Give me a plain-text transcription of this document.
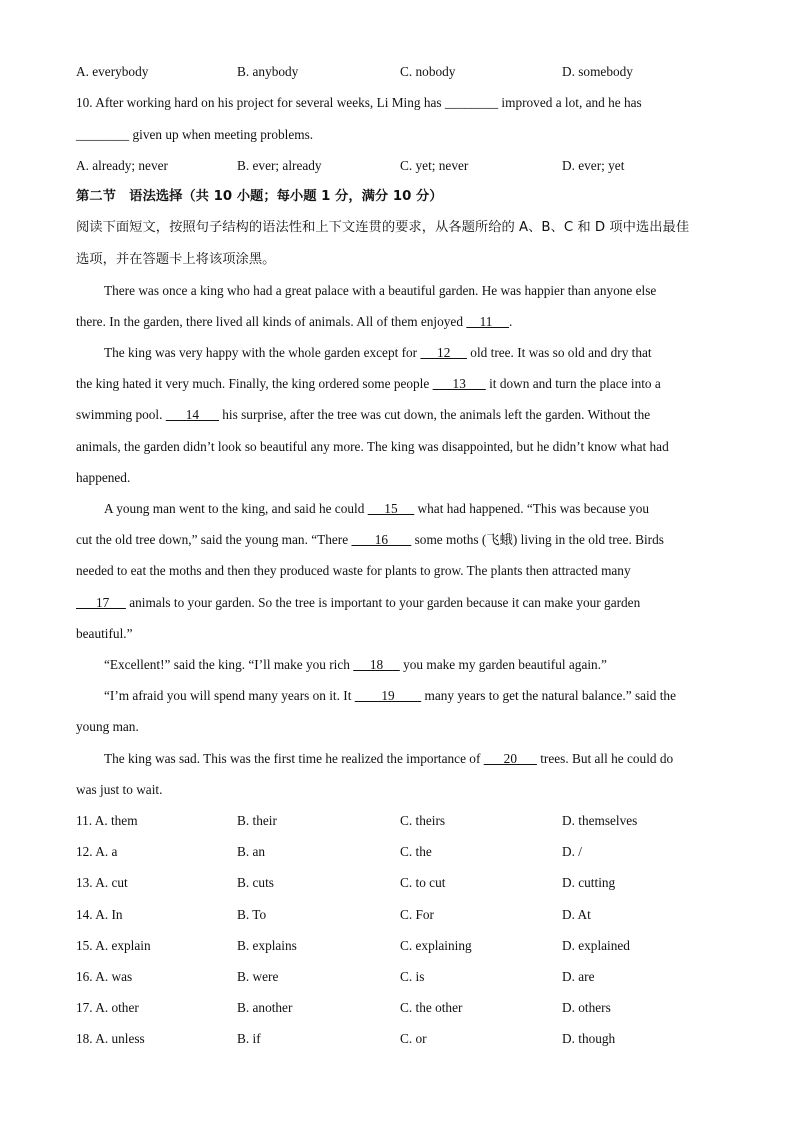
A. everybody	B. anybody	C. nobody	D. somebody
10. After working hard on his project for several weeks, Li Ming has ________ improved a lot, and he has
________ given up when meeting problems.
A. already; never	B. ever; already	C. yet; never	D. ever; yet
第二节　语法选择（共 10 小题；每小题 1 分，满分 10 分）
阅读下面短文，按照句子结构的语法性和上下文连贯的要求，从各题所给的 A、B、C 和 D 项中选出最佳
选项，并在答题卡上将该项涂黑。
There was once a king who had a great palace with a beautiful garden. He was happier than anyone else
there. In the garden, there lived all kinds of animals. All of them enjoyed     11     .
The king was very happy with the whole garden except for      12      old tree. It was so old and dry that
the king hated it very much. Finally, the king ordered some people       13       it down and turn the place into a
swimming pool.       14       his surprise, after the tree was cut down, the animals left the garden. Without the
animals, the garden didn’t look so beautiful any more. The king was disappointed, but he didn’t know what had
happened.
A young man went to the king, and said he could      15      what had happened. “This was because you
cut the old tree down,” said the young man. “There        16        some moths (飞蛾) living in the old tree. Birds
needed to eat the moths and then they produced waste for plants to grow. The plants then attracted many
17      animals to your garden. So the tree is important to your garden because it can make your garden
beautiful.”
“Excellent!” said the king. “I’ll make you rich      18      you make my garden beautiful again.”
“I’m afraid you will spend many years on it. It         19         many years to get the natural balance.” said the
young man.
The king was sad. This was the first time he realized the importance of       20       trees. But all he could do
was just to wait.
11. A. them	B. their	C. theirs	D. themselves
12. A. a	B. an	C. the	D. /
13. A. cut	B. cuts	C. to cut	D. cutting
14. A. In	B. To	C. For	D. At
15. A. explain	B. explains	C. explaining	D. explained
16. A. was	B. were	C. is	D. are
17. A. other	B. another	C. the other	D. others
18. A. unless	B. if	C. or	D. though
